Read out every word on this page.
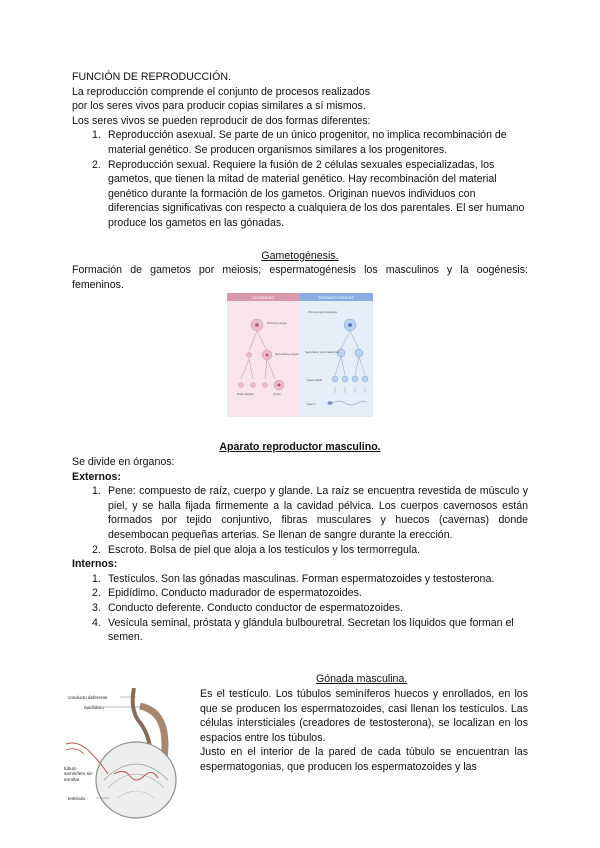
FUNCIÓN DE REPRODUCCIÓN.
La reproducción comprende el conjunto de procesos realizados
por los seres vivos para producir copias similares a sí mismos.
Los seres vivos se pueden reproducir de dos formas diferentes:
1. Reproducción asexual. Se parte de un único progenitor, no implica recombinación de material genético. Se producen organismos similares a los progenitores.
2. Reproducción sexual. Requiere la fusión de 2 células sexuales especializadas, los gametos, que tienen la mitad de material genético. Hay recombinación del material genético durante la formación de los gametos. Originan nuevos individuos con diferencias significativas con respecto a cualquiera de los dos parentales. El ser humano produce los gametos en las gónadas.
Gametogénesis.
Formación de gametos por meiosis; espermatogénesis los masculinos y la oogénesis: femeninos.
OOGENESIS	SPERMATOGENESIS
Primary oocyte
Secondary oocyte
Polar bodies	Ovum
Primary spermatocyte
Secondary spermatocytes
Spermatids
Sperm
Aparato reproductor masculino.
Se divide en órganos:
Externos:
1. Pene: compuesto de raíz, cuerpo y glande. La raíz se encuentra revestida de músculo y piel, y se halla fijada firmemente a la cavidad pélvica. Los cuerpos cavernosos están formados por tejido conjuntivo, fibras musculares y huecos (cavernas) donde desembocan pequeñas arterias. Se llenan de sangre durante la erección.
2. Escroto. Bolsa de piel que aloja a los testículos y los termorregula.
Internos:
1. Testículos. Son las gónadas masculinas. Forman espermatozoides y testosterona.
2. Epidídimo. Conducto madurador de espermatozoides.
3. Conducto deferente. Conducto conductor de espermatozoides.
4. Vesícula seminal, próstata y glándula bulbouretral. Secretan los líquidos que forman el semen.
Gónada masculina.
Es el testículo. Los túbulos seminíferos huecos y enrollados, en los que se producen los espermatozoides, casi llenan los testículos. Las células intersticiales (creadores de testosterona), se localizan en los espacios entre los túbulos.
Justo en el interior de la pared de cada túbulo se encuentran las espermatogonias, que producen los espermatozoides y las
conducto deferente
epidídimo
túbulo seminífero sin enrollar
testículo
